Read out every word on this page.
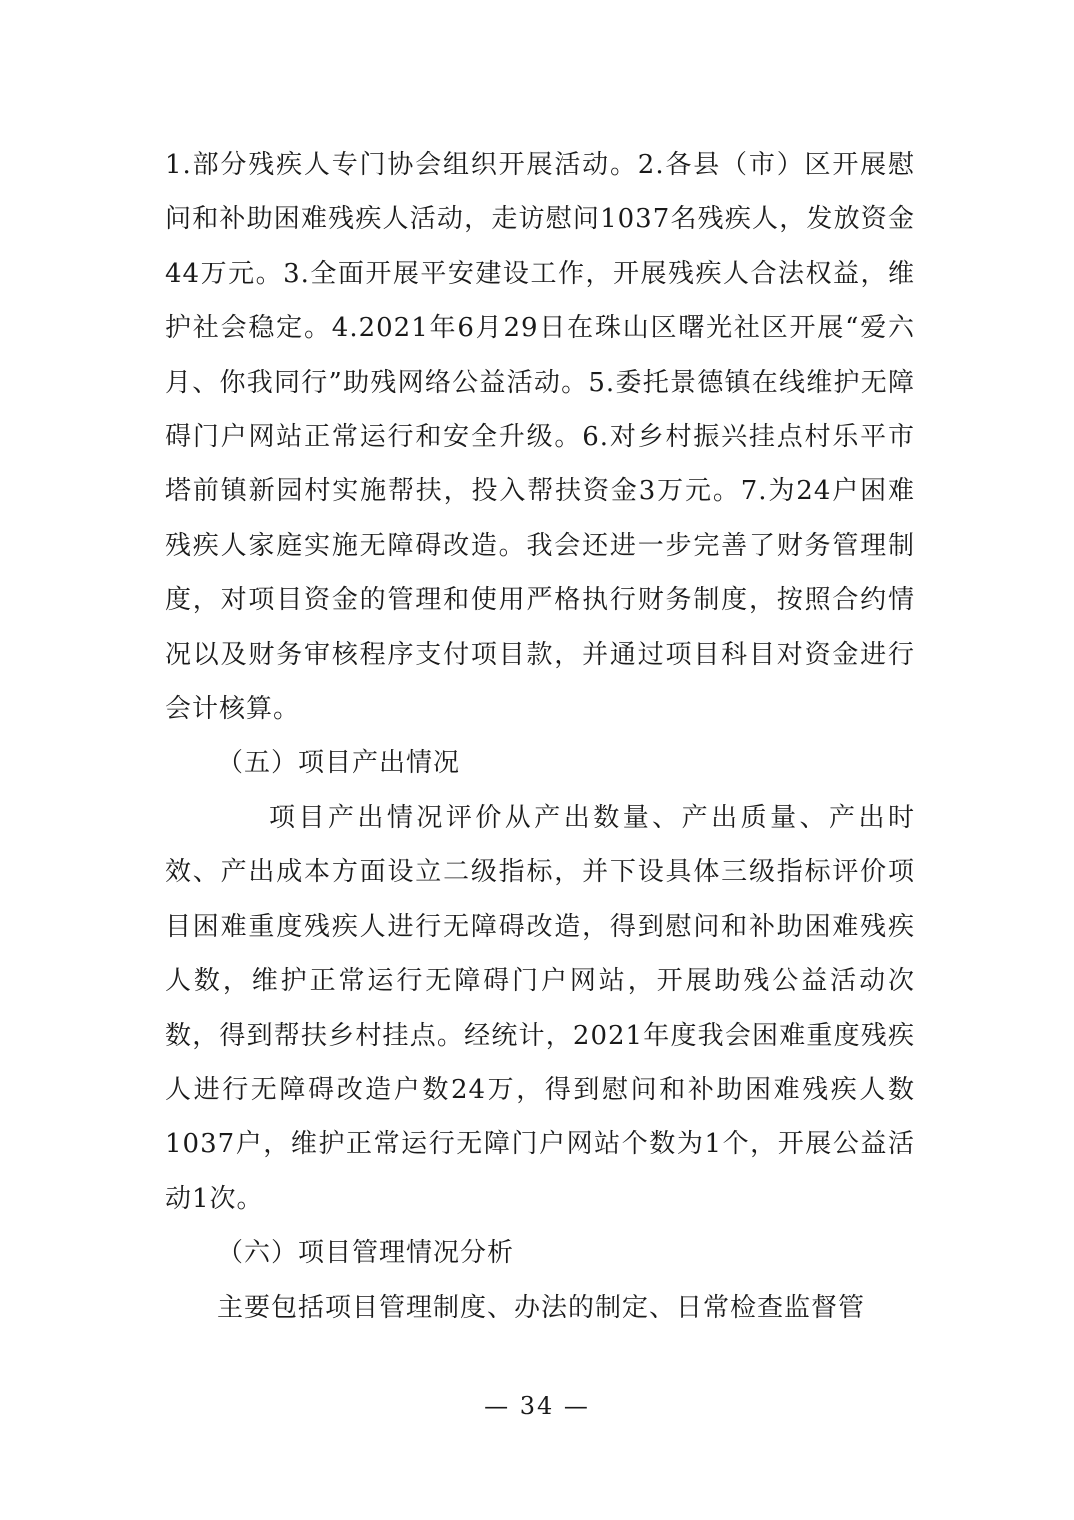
1.部分残疾人专门协会组织开展活动。2.各县（市）区开展慰问和补助困难残疾人活动，走访慰问1037名残疾人，发放资金44万元。3.全面开展平安建设工作，开展残疾人合法权益，维护社会稳定。4.2021年6月29日在珠山区曙光社区开展“爱六月、你我同行”助残网络公益活动。5.委托景德镇在线维护无障碍门户网站正常运行和安全升级。6.对乡村振兴挂点村乐平市塔前镇新园村实施帮扶，投入帮扶资金3万元。7.为24户困难残疾人家庭实施无障碍改造。我会还进一步完善了财务管理制度，对项目资金的管理和使用严格执行财务制度，按照合约情况以及财务审核程序支付项目款，并通过项目科目对资金进行会计核算。

（五）项目产出情况

项目产出情况评价从产出数量、产出质量、产出时效、产出成本方面设立二级指标，并下设具体三级指标评价项目困难重度残疾人进行无障碍改造，得到慰问和补助困难残疾人数，维护正常运行无障碍门户网站，开展助残公益活动次数，得到帮扶乡村挂点。经统计，2021年度我会困难重度残疾人进行无障碍改造户数24万，得到慰问和补助困难残疾人数1037户，维护正常运行无障门户网站个数为1个，开展公益活动1次。

（六）项目管理情况分析

主要包括项目管理制度、办法的制定、日常检查监督管

— 34 —
